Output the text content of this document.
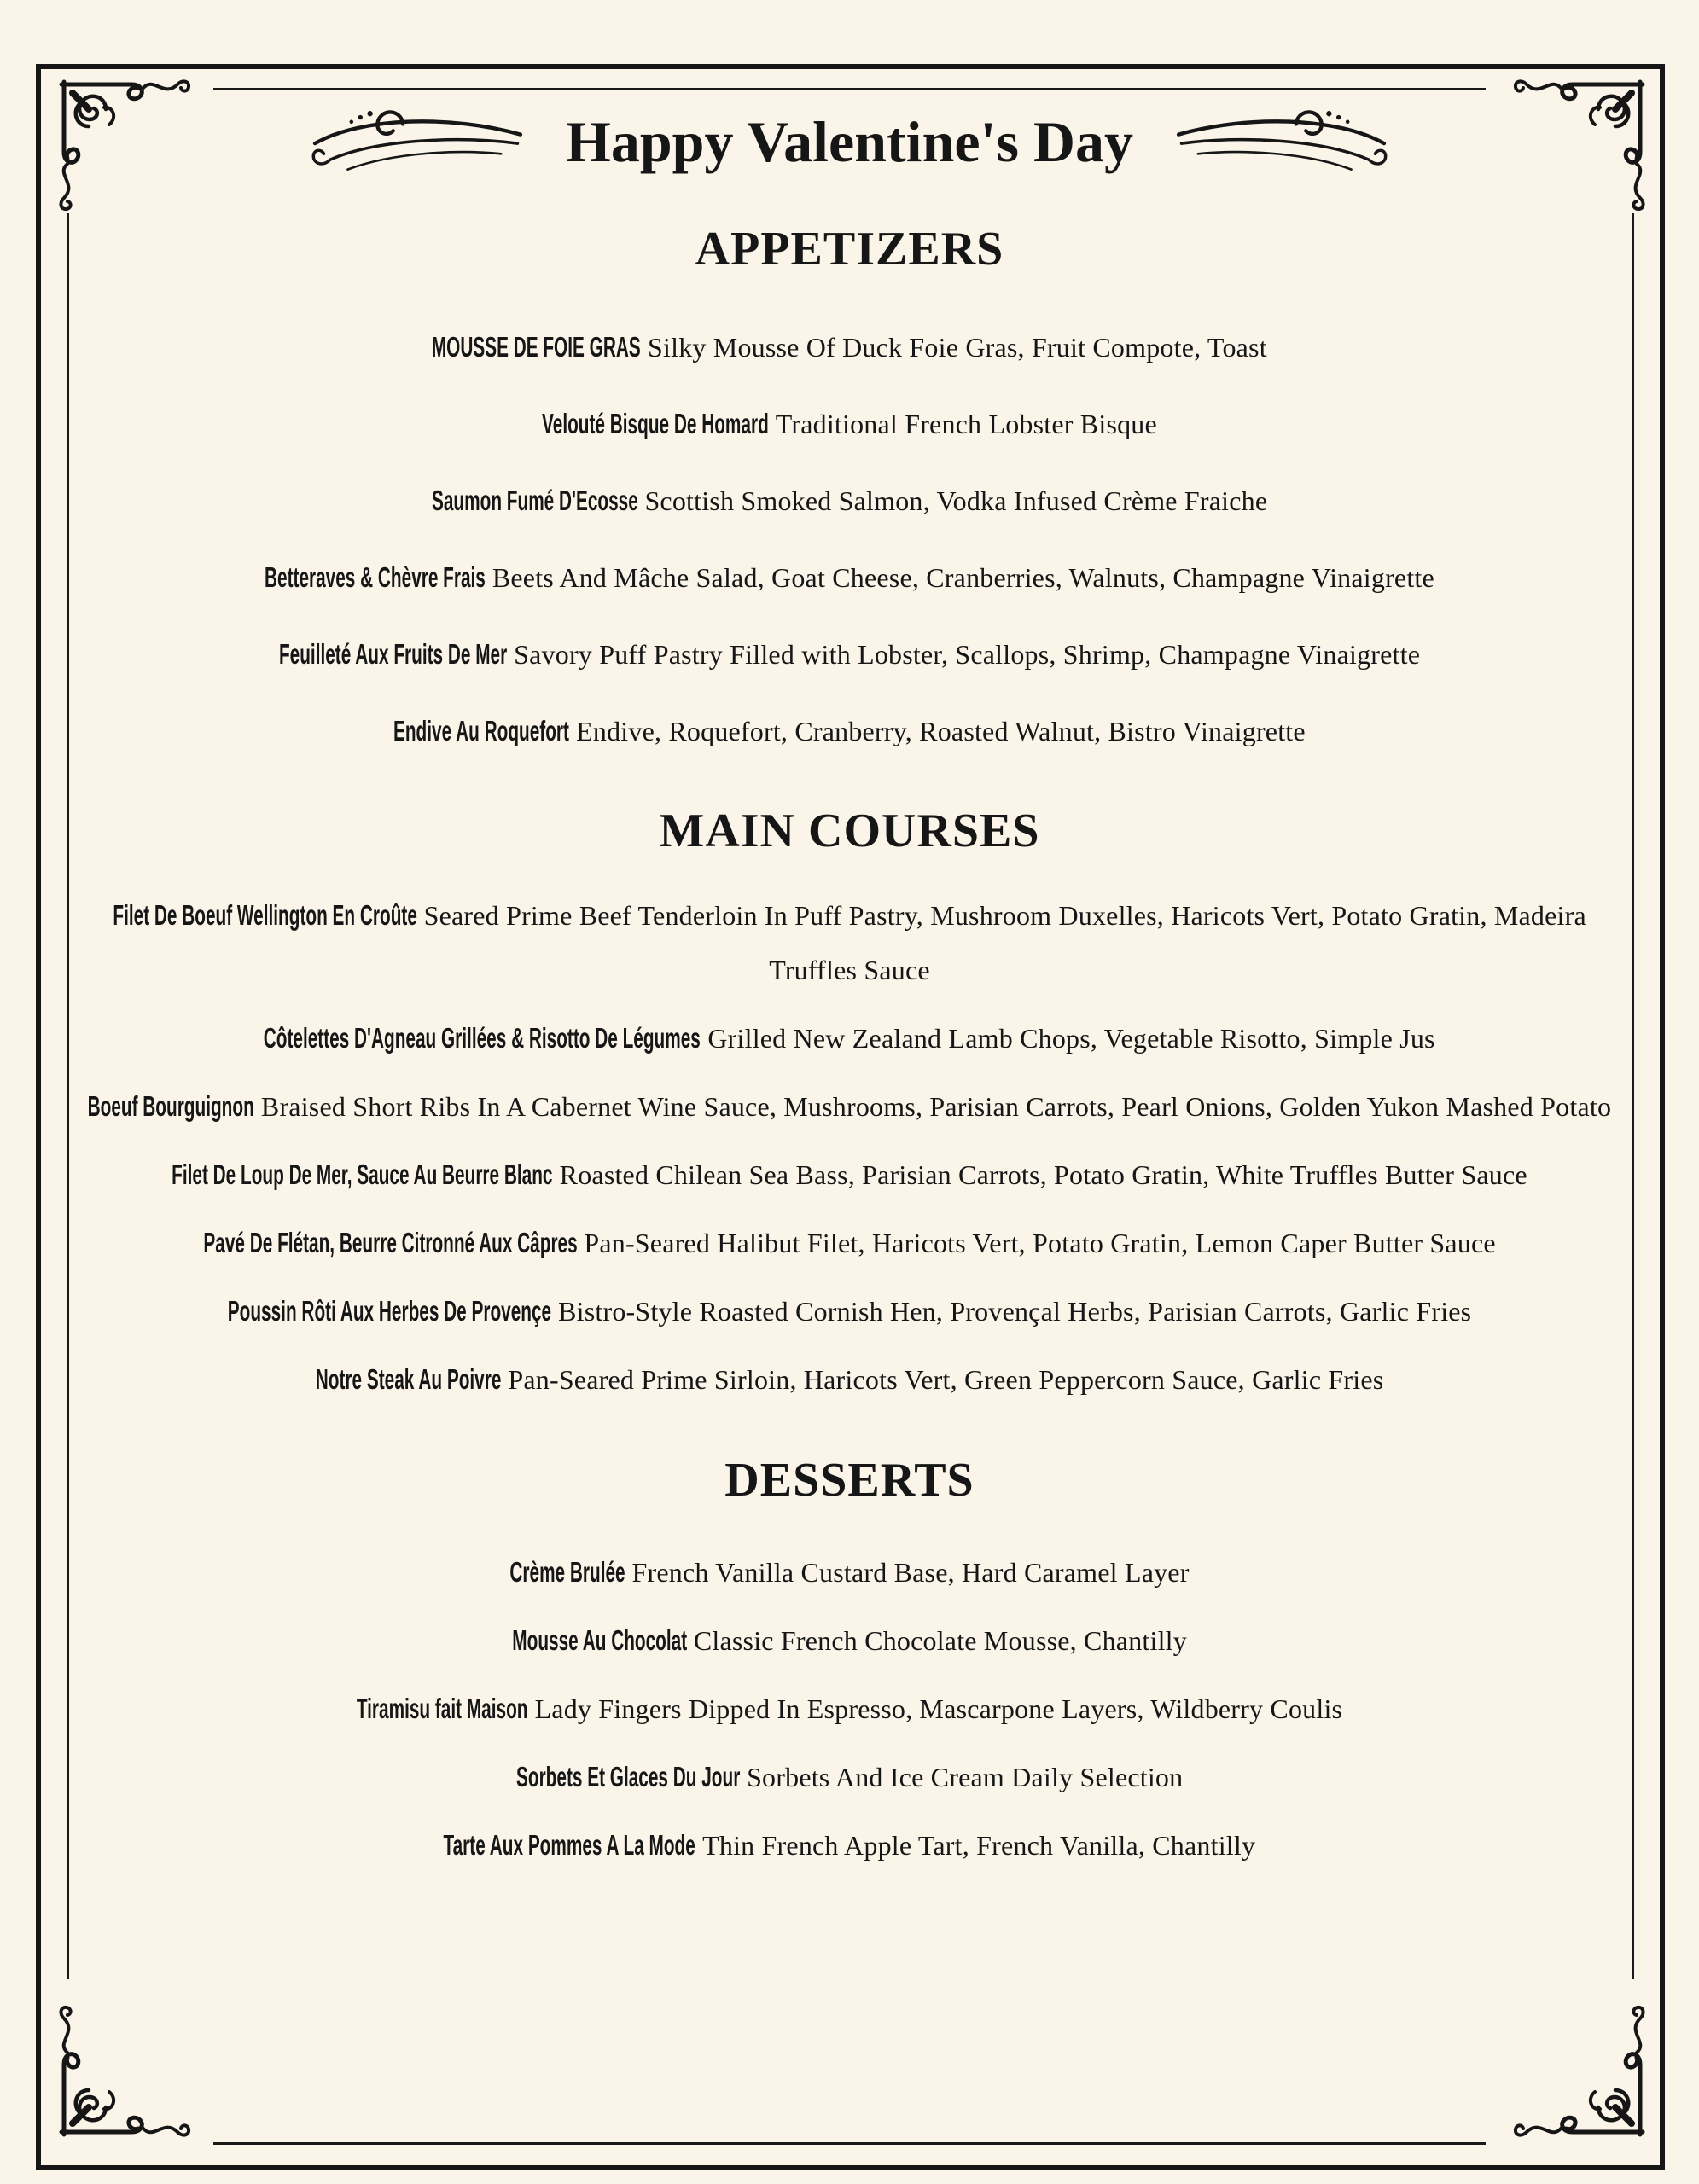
Happy Valentine's Day
APPETIZERS

MOUSSE DE FOIE GRAS Silky Mousse Of Duck Foie Gras, Fruit Compote, Toast

Velouté Bisque De Homard Traditional French Lobster Bisque

Saumon Fumé D'Ecosse Scottish Smoked Salmon, Vodka Infused Crème Fraiche

Betteraves & Chèvre Frais Beets And Mâche Salad, Goat Cheese, Cranberries, Walnuts, Champagne Vinaigrette

Feuilleté Aux Fruits De Mer Savory Puff Pastry Filled with Lobster, Scallops, Shrimp, Champagne Vinaigrette

Endive Au Roquefort Endive, Roquefort, Cranberry, Roasted Walnut, Bistro Vinaigrette

MAIN COURSES

Filet De Boeuf Wellington En Croûte Seared Prime Beef Tenderloin In Puff Pastry, Mushroom Duxelles, Haricots Vert, Potato Gratin, Madeira Truffles Sauce

Côtelettes D'Agneau Grillées & Risotto De Légumes Grilled New Zealand Lamb Chops, Vegetable Risotto, Simple Jus

Boeuf Bourguignon Braised Short Ribs In A Cabernet Wine Sauce, Mushrooms, Parisian Carrots, Pearl Onions, Golden Yukon Mashed Potato

Filet De Loup De Mer, Sauce Au Beurre Blanc Roasted Chilean Sea Bass, Parisian Carrots, Potato Gratin, White Truffles Butter Sauce

Pavé De Flétan, Beurre Citronné Aux Câpres Pan-Seared Halibut Filet, Haricots Vert, Potato Gratin, Lemon Caper Butter Sauce

Poussin Rôti Aux Herbes De Provençe Bistro-Style Roasted Cornish Hen, Provençal Herbs, Parisian Carrots, Garlic Fries

Notre Steak Au Poivre Pan-Seared Prime Sirloin, Haricots Vert, Green Peppercorn Sauce, Garlic Fries

DESSERTS

Crème Brulée French Vanilla Custard Base, Hard Caramel Layer

Mousse Au Chocolat Classic French Chocolate Mousse, Chantilly

Tiramisu fait Maison Lady Fingers Dipped In Espresso, Mascarpone Layers, Wildberry Coulis

Sorbets Et Glaces Du Jour Sorbets And Ice Cream Daily Selection

Tarte Aux Pommes A La Mode Thin French Apple Tart, French Vanilla, Chantilly
